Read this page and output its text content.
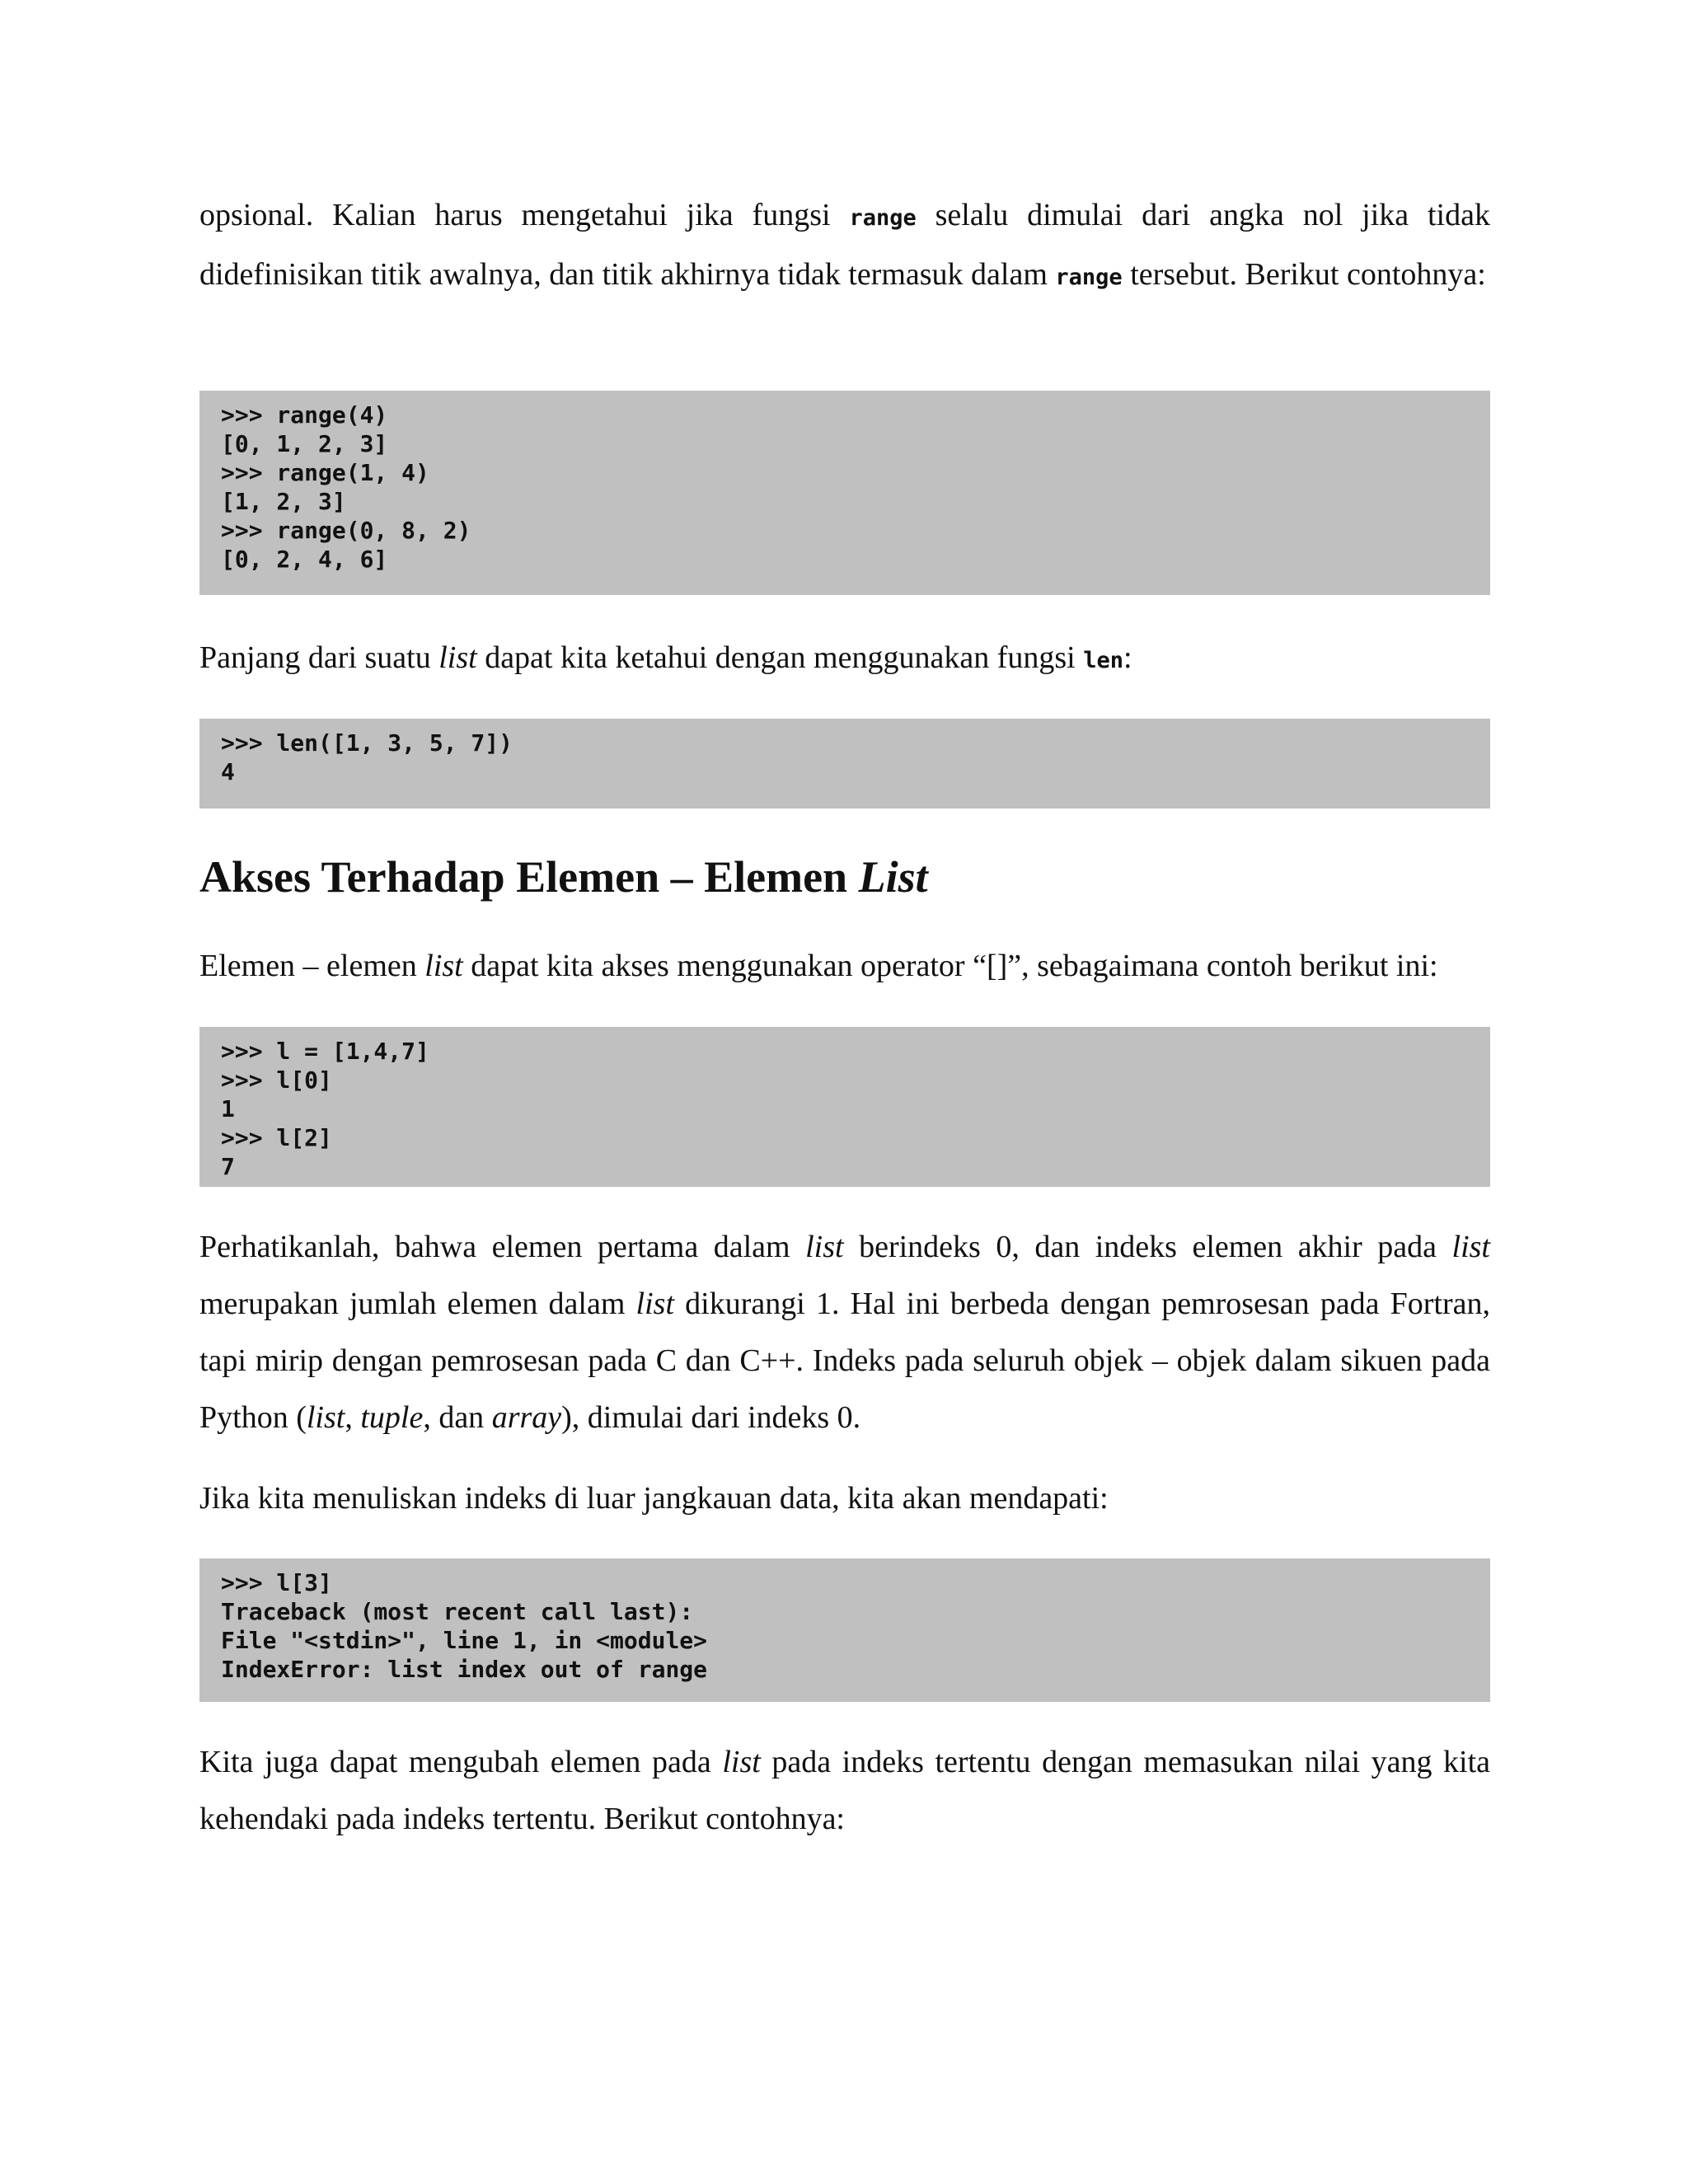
opsional. Kalian harus mengetahui jika fungsi range selalu dimulai dari angka nol jika tidak didefinisikan titik awalnya, dan titik akhirnya tidak termasuk dalam range tersebut. Berikut contohnya:

>>> range(4)
[0, 1, 2, 3]
>>> range(1, 4)
[1, 2, 3]
>>> range(0, 8, 2)
[0, 2, 4, 6]

Panjang dari suatu list dapat kita ketahui dengan menggunakan fungsi len:

>>> len([1, 3, 5, 7])
4
Akses Terhadap Elemen – Elemen List

Elemen – elemen list dapat kita akses menggunakan operator “[]”, sebagaimana contoh berikut ini:

>>> l = [1,4,7]
>>> l[0]
1
>>> l[2]
7

Perhatikanlah, bahwa elemen pertama dalam list berindeks 0, dan indeks elemen akhir pada list merupakan jumlah elemen dalam list dikurangi 1. Hal ini berbeda dengan pemrosesan pada Fortran, tapi mirip dengan pemrosesan pada C dan C++. Indeks pada seluruh objek – objek dalam sikuen pada Python (list, tuple, dan array), dimulai dari indeks 0.

Jika kita menuliskan indeks di luar jangkauan data, kita akan mendapati:

>>> l[3]
Traceback (most recent call last):
File "<stdin>", line 1, in <module>
IndexError: list index out of range

Kita juga dapat mengubah elemen pada list pada indeks tertentu dengan memasukan nilai yang kita kehendaki pada indeks tertentu. Berikut contohnya:
